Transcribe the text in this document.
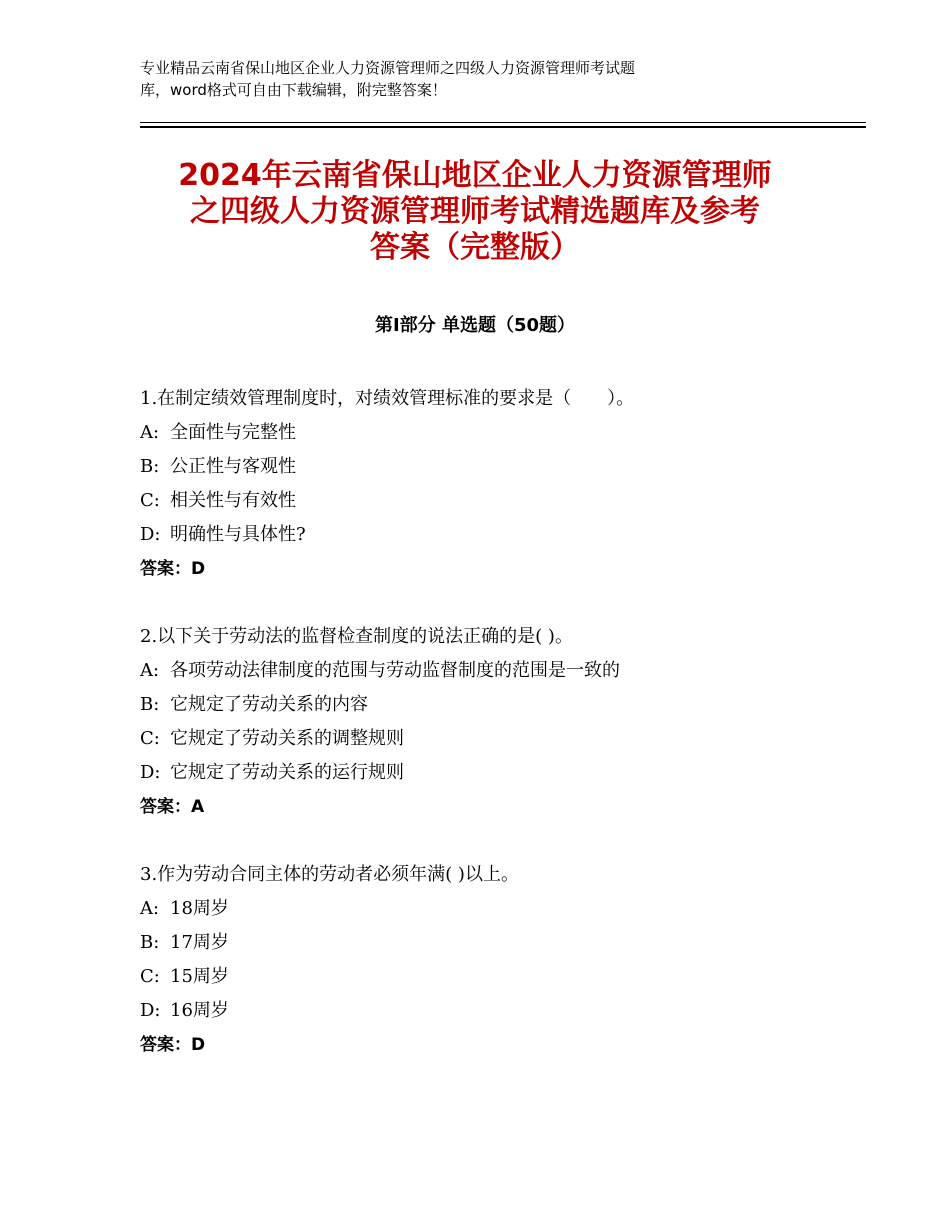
专业精品云南省保山地区企业人力资源管理师之四级人力资源管理师考试题
库，word格式可自由下载编辑，附完整答案！
2024年云南省保山地区企业人力资源管理师
之四级人力资源管理师考试精选题库及参考
答案（完整版）
第Ⅰ部分 单选题（50题）
1.在制定绩效管理制度时，对绩效管理标准的要求是（　　）。
A: 全面性与完整性
B: 公正性与客观性
C: 相关性与有效性
D: 明确性与具体性?
答案：D
2.以下关于劳动法的监督检查制度的说法正确的是( )。
A: 各项劳动法律制度的范围与劳动监督制度的范围是一致的
B: 它规定了劳动关系的内容
C: 它规定了劳动关系的调整规则
D: 它规定了劳动关系的运行规则
答案：A
3.作为劳动合同主体的劳动者必须年满( )以上。
A: 18周岁
B: 17周岁
C: 15周岁
D: 16周岁
答案：D
